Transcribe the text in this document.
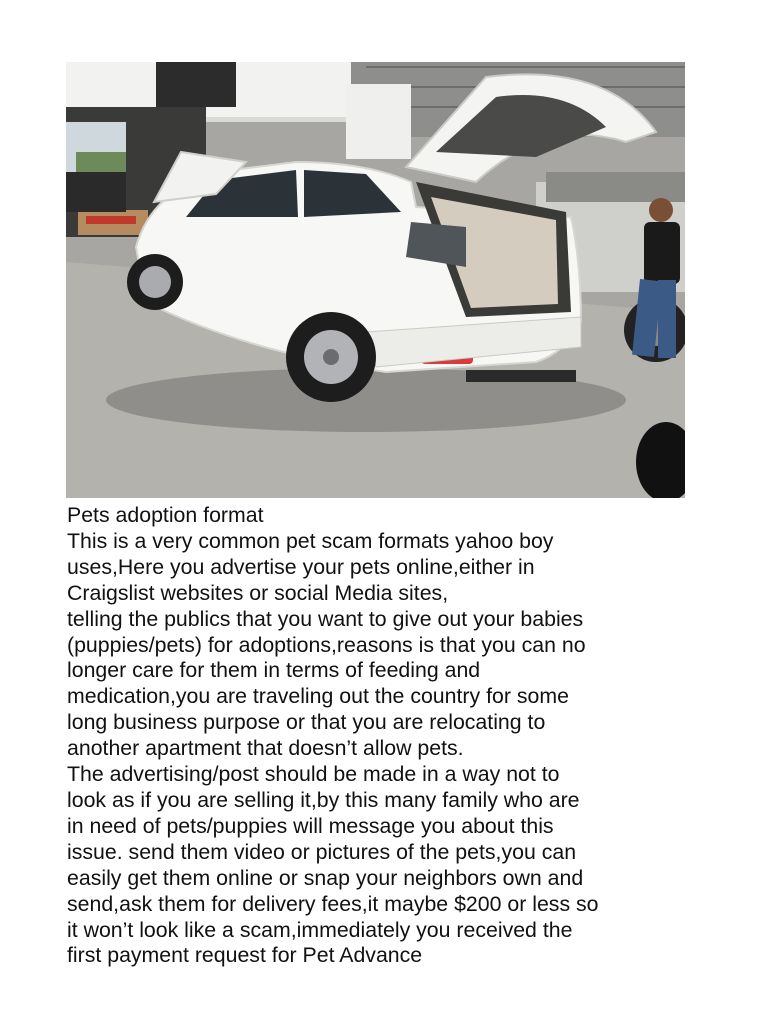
Pets adoption format

This is a very common pet scam formats yahoo boy

uses,Here you advertise your pets online,either in

Craigslist websites or social Media sites,

telling the publics that you want to give out your babies

(puppies/pets) for adoptions,reasons is that you can no

longer care for them in terms of feeding and

medication,you are traveling out the country for some

long business purpose or that you are relocating to

another apartment that doesn’t allow pets.

The advertising/post should be made in a way not to

look as if you are selling it,by this many family who are

in need of pets/puppies will message you about this

issue. send them video or pictures of the pets,you can

easily get them online or snap your neighbors own and

send,ask them for delivery fees,it maybe $200 or less so

it won’t look like a scam,immediately you received the

first payment request for Pet Advance
